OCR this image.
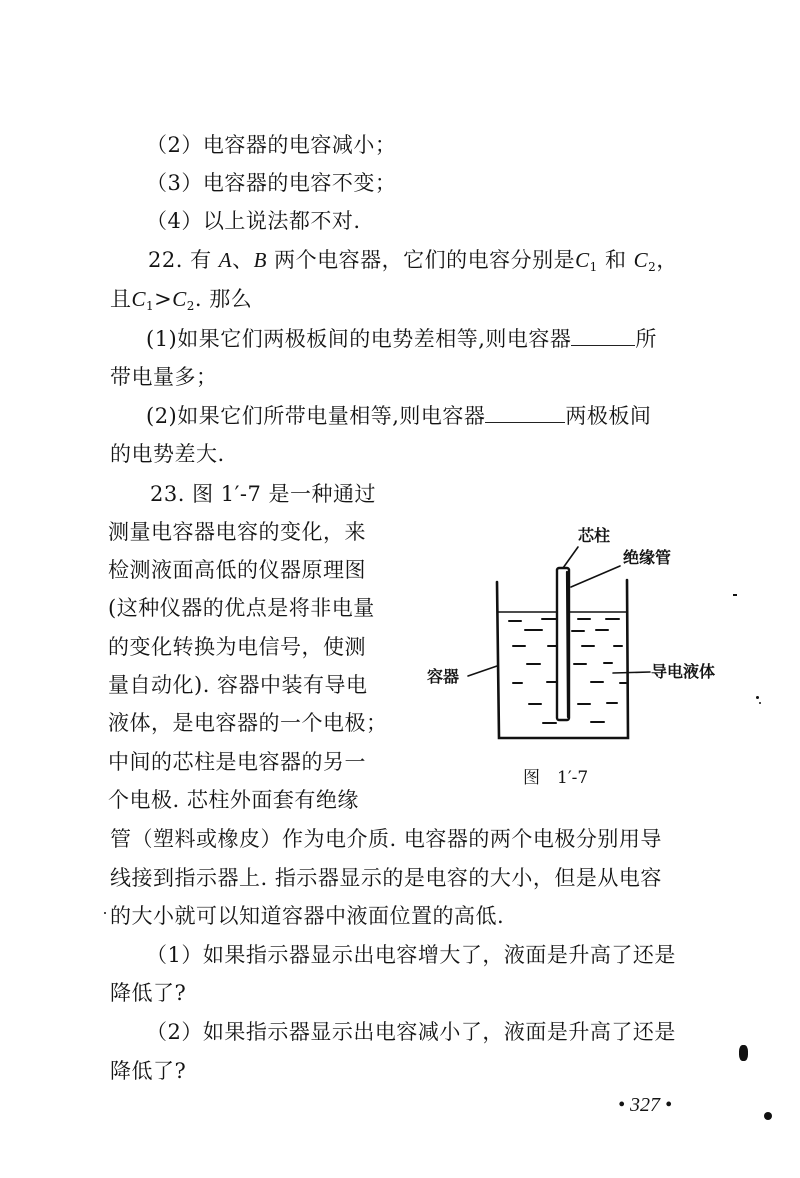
（2）电容器的电容减小；
（3）电容器的电容不变；
（4）以上说法都不对.
22. 有 A、B 两个电容器，它们的电容分别是$C_1$ 和 $C_2$，
且$C_1>C_2$. 那么
(1)如果它们两极板间的电势差相等,则电容器	所
带电量多；
(2)如果它们所带电量相等,则电容器	两极板间
的电势差大.
23. 图 1′-7 是一种通过
测量电容器电容的变化，来
检测液面高低的仪器原理图
(这种仪器的优点是将非电量
的变化转换为电信号，使测
量自动化). 容器中装有导电
液体，是电容器的一个电极；
中间的芯柱是电容器的另一
个电极. 芯柱外面套有绝缘
管（塑料或橡皮）作为电介质. 电容器的两个电极分别用导
线接到指示器上. 指示器显示的是电容的大小，但是从电容
的大小就可以知道容器中液面位置的高低.
（1）如果指示器显示出电容增大了，液面是升高了还是
降低了?
（2）如果指示器显示出电容减小了，液面是升高了还是
降低了?
芯柱
绝缘管
容器	导电液体
图　1′-7
• 327 •
